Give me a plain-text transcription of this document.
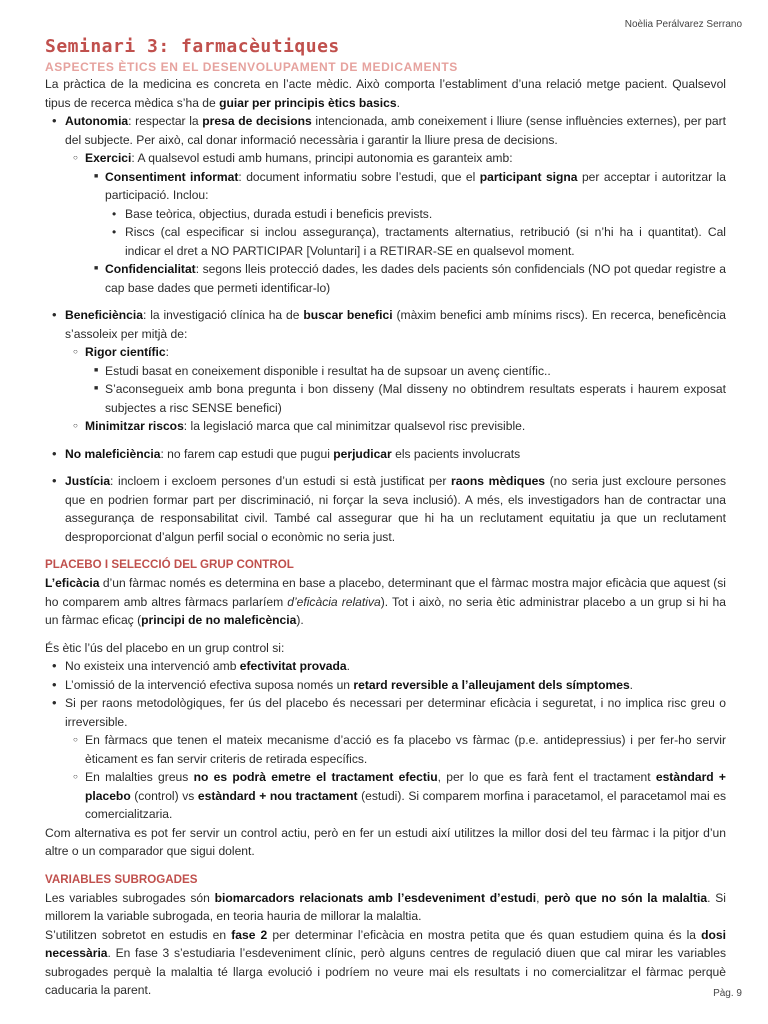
Noèlia Perálvarez Serrano
Seminari 3: farmacèutiques
ASPECTES ÈTICS EN EL DESENVOLUPAMENT DE MEDICAMENTS

La pràctica de la medicina es concreta en l’acte mèdic. Això comporta l’establiment d’una relació metge pacient. Qualsevol tipus de recerca mèdica s’ha de guiar per principis ètics basics.

• Autonomia: respectar la presa de decisions intencionada, amb coneixement i lliure (sense influències externes), per part del subjecte. Per això, cal donar informació necessària i garantir la lliure presa de decisions.
○ Exercici: A qualsevol estudi amb humans, principi autonomia es garanteix amb:
■ Consentiment informat: document informatiu sobre l’estudi, que el participant signa per acceptar i autoritzar la participació. Inclou:
• Base teòrica, objectius, durada estudi i beneficis prevists.
• Riscs (cal especificar si inclou assegurança), tractaments alternatius, retribució (si n’hi ha i quantitat). Cal indicar el dret a NO PARTICIPAR [Voluntari] i a RETIRAR-SE en qualsevol moment.
■ Confidencialitat: segons lleis protecció dades, les dades dels pacients són confidencials (NO pot quedar registre a cap base dades que permeti identificar-lo)
• Beneficiència: la investigació clínica ha de buscar benefici (màxim benefici amb mínims riscs). En recerca, beneficència s’assoleix per mitjà de:
○ Rigor científic:
■ Estudi basat en coneixement disponible i resultat ha de supsoar un avenç científic..
■ S’aconsegueix amb bona pregunta i bon disseny (Mal disseny no obtindrem resultats esperats i haurem exposat subjectes a risc SENSE benefici)
○ Minimitzar riscos: la legislació marca que cal minimitzar qualsevol risc previsible.
• No maleficiència: no farem cap estudi que pugui perjudicar els pacients involucrats
• Justícia: incloem i excloem persones d’un estudi si està justificat per raons mèdiques (no seria just excloure persones que en podrien formar part per discriminació, ni forçar la seva inclusió). A més, els investigadors han de contractar una assegurança de responsabilitat civil. També cal assegurar que hi ha un reclutament equitatiu ja que un reclutament desproporcionat d’algun perfil social o econòmic no seria just.
PLACEBO I SELECCIÓ DEL GRUP CONTROL

L’eficàcia d’un fàrmac només es determina en base a placebo, determinant que el fàrmac mostra major eficàcia que aquest (si ho comparem amb altres fàrmacs parlaríem d’eficàcia relativa). Tot i això, no seria ètic administrar placebo a un grup si hi ha un fàrmac eficaç (principi de no maleficència).

És ètic l’ús del placebo en un grup control si:

• No existeix una intervenció amb efectivitat provada.
• L’omissió de la intervenció efectiva suposa només un retard reversible a l’alleujament dels símptomes.
• Si per raons metodològiques, fer ús del placebo és necessari per determinar eficàcia i seguretat, i no implica risc greu o irreversible.
○ En fàrmacs que tenen el mateix mecanisme d’acció es fa placebo vs fàrmac (p.e. antidepressius) i per fer-ho servir èticament es fan servir criteris de retirada específics.
○ En malalties greus no es podrà emetre el tractament efectiu, per lo que es farà fent el tractament estàndard + placebo (control) vs estàndard + nou tractament (estudi). Si comparem morfina i paracetamol, el paracetamol mai es comercialitzaria.

Com alternativa es pot fer servir un control actiu, però en fer un estudi així utilitzes la millor dosi del teu fàrmac i la pitjor d’un altre o un comparador que sigui dolent.

VARIABLES SUBROGADES

Les variables subrogades són biomarcadors relacionats amb l’esdeveniment d’estudi, però que no són la malaltia. Si millorem la variable subrogada, en teoria hauria de millorar la malaltia.

S’utilitzen sobretot en estudis en fase 2 per determinar l’eficàcia en mostra petita que és quan estudiem quina és la dosi necessària. En fase 3 s’estudiaria l’esdeveniment clínic, però alguns centres de regulació diuen que cal mirar les variables subrogades perquè la malaltia té llarga evolució i podríem no veure mai els resultats i no comercialitzar el fàrmac perquè caducaria la parent.	Pàg. 9
